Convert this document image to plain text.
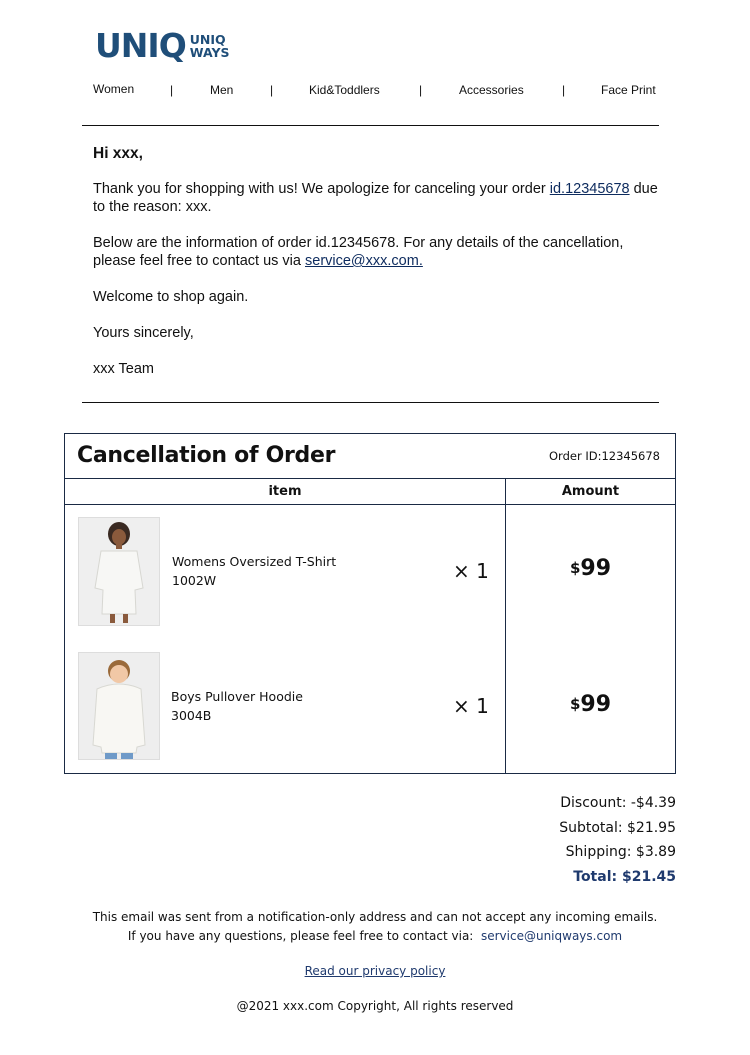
UNIQ UNIQ
WAYS
Women	|	Men	|	Kid&Toddlers	|	Accessories	|	Face Print

Hi xxx,

Thank you for shopping with us! We apologize for canceling your order id.12345678 due to the reason: xxx.

Below are the information of order id.12345678. For any details of the cancellation, please feel free to contact us via service@xxx.com.

Welcome to shop again.

Yours sincerely,

xxx Team

Cancellation of Order	Order ID:12345678
item	Amount
Womens Oversized T-Shirt
1002W	× 1	$99
Boys Pullover Hoodie
3004B	× 1	$99
Discount: -$4.39
Subtotal: $21.95
Shipping: $3.89
Total: $21.45
This email was sent from a notification-only address and can not accept any incoming emails.
If you have any questions, please feel free to contact via: service@uniqways.com
Read our privacy policy
@2021 xxx.com Copyright, All rights reserved
